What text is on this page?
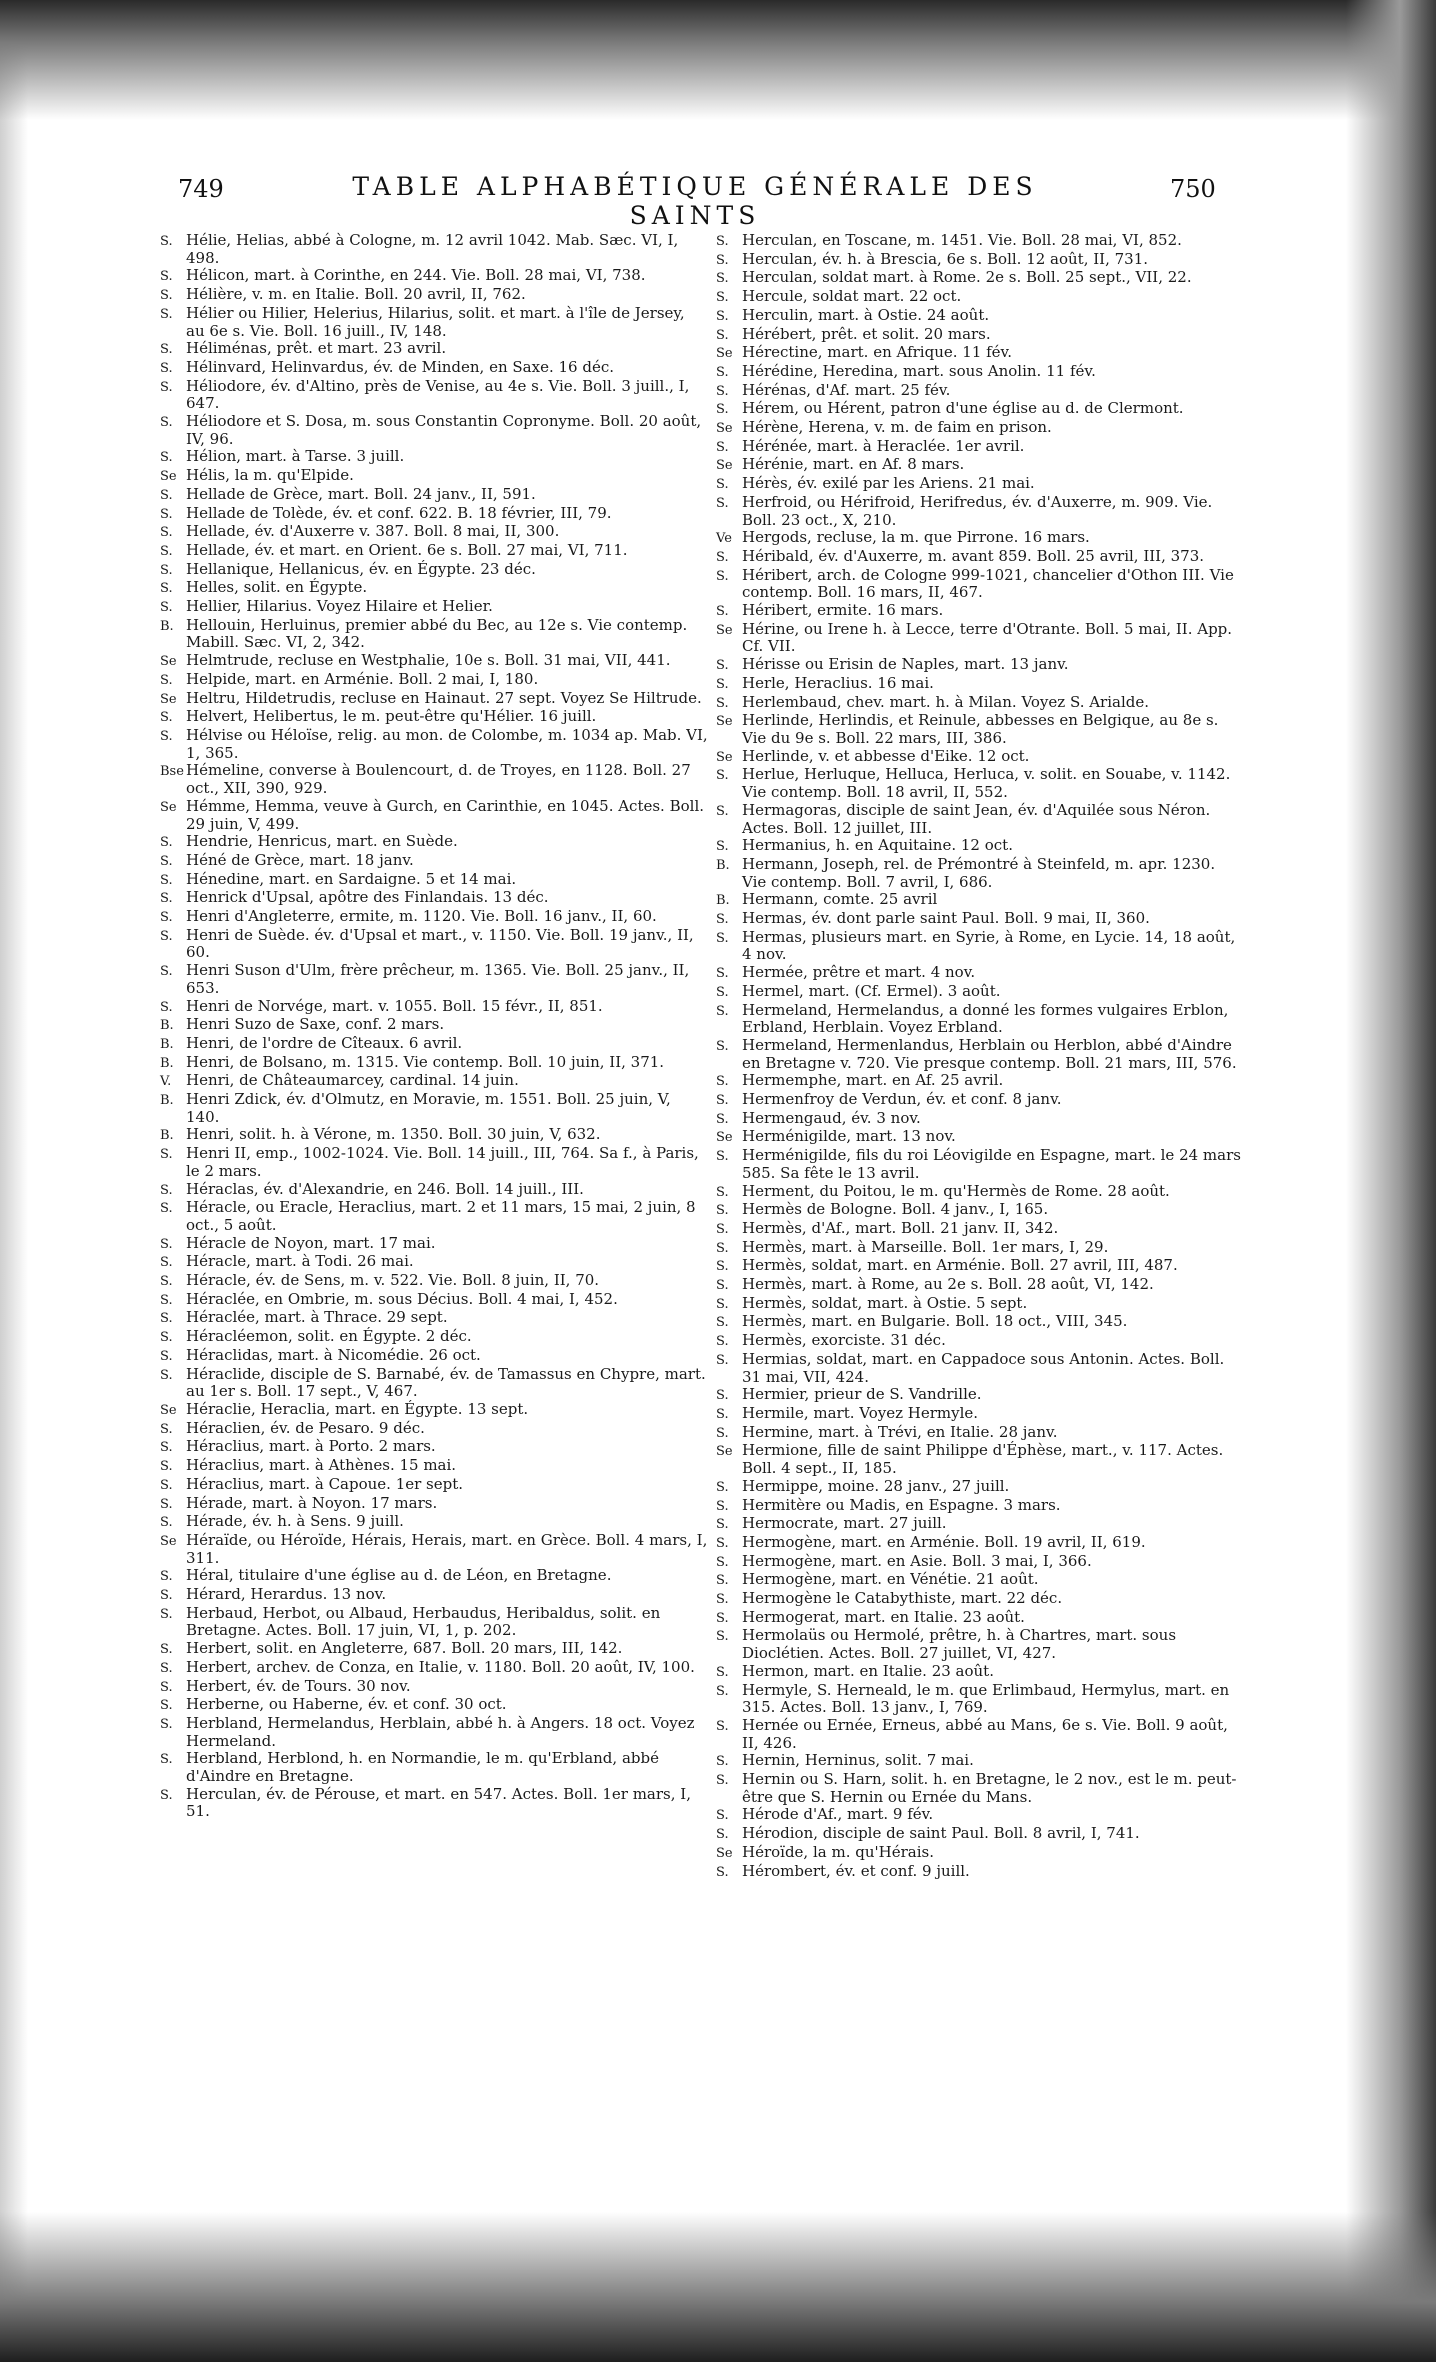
749	TABLE ALPHABÉTIQUE GÉNÉRALE DES SAINTS
750
S. Hélie, Helias, abbé à Cologne, m. 12 avril 1042. Mab. Sæc. VI, I, 498.
S. Hélicon, mart. à Corinthe, en 244. Vie. Boll. 28 mai, VI, 738.
S. Hélière, v. m. en Italie. Boll. 20 avril, II, 762.
S. Hélier ou Hilier, Helerius, Hilarius, solit. et mart. à l'île de Jersey, au 6e s. Vie. Boll. 16 juill., IV, 148.
S. Héliménas, prêt. et mart. 23 avril.
S. Hélinvard, Helinvardus, év. de Minden, en Saxe. 16 déc.
S. Héliodore, év. d'Altino, près de Venise, au 4e s. Vie. Boll. 3 juill., I, 647.
S. Héliodore et S. Dosa, m. sous Constantin Copronyme. Boll. 20 août, IV, 96.
S. Hélion, mart. à Tarse. 3 juill.
Se Hélis, la m. qu'Elpide.
S. Hellade de Grèce, mart. Boll. 24 janv., II, 591.
S. Hellade de Tolède, év. et conf. 622. B. 18 février, III, 79.
S. Hellade, év. d'Auxerre v. 387. Boll. 8 mai, II, 300.
S. Hellade, év. et mart. en Orient. 6e s. Boll. 27 mai, VI, 711.
S. Hellanique, Hellanicus, év. en Égypte. 23 déc.
S. Helles, solit. en Égypte.
S. Hellier, Hilarius. Voyez Hilaire et Helier.
B. Hellouin, Herluinus, premier abbé du Bec, au 12e s. Vie contemp. Mabill. Sæc. VI, 2, 342.
Se Helmtrude, recluse en Westphalie, 10e s. Boll. 31 mai, VII, 441.
S. Helpide, mart. en Arménie. Boll. 2 mai, I, 180.
Se Heltru, Hildetrudis, recluse en Hainaut. 27 sept. Voyez Se Hiltrude.
S. Helvert, Helibertus, le m. peut-être qu'Hélier. 16 juill.
S. Hélvise ou Héloïse, relig. au mon. de Colombe, m. 1034 ap. Mab. VI, 1, 365.
Bse Hémeline, converse à Boulencourt, d. de Troyes, en 1128. Boll. 27 oct., XII, 390, 929.
Se Hémme, Hemma, veuve à Gurch, en Carinthie, en 1045. Actes. Boll. 29 juin, V, 499.
S. Hendrie, Henricus, mart. en Suède.
S. Héné de Grèce, mart. 18 janv.
S. Hénedine, mart. en Sardaigne. 5 et 14 mai.
S. Henrick d'Upsal, apôtre des Finlandais. 13 déc.
S. Henri d'Angleterre, ermite, m. 1120. Vie. Boll. 16 janv., II, 60.
S. Henri de Suède. év. d'Upsal et mart., v. 1150. Vie. Boll. 19 janv., II, 60.
S. Henri Suson d'Ulm, frère prêcheur, m. 1365. Vie. Boll. 25 janv., II, 653.
S. Henri de Norvége, mart. v. 1055. Boll. 15 févr., II, 851.
B. Henri Suzo de Saxe, conf. 2 mars.
B. Henri, de l'ordre de Cîteaux. 6 avril.
B. Henri, de Bolsano, m. 1315. Vie contemp. Boll. 10 juin, II, 371.
V. Henri, de Châteaumarcey, cardinal. 14 juin.
B. Henri Zdick, év. d'Olmutz, en Moravie, m. 1551. Boll. 25 juin, V, 140.
B. Henri, solit. h. à Vérone, m. 1350. Boll. 30 juin, V, 632.
S. Henri II, emp., 1002-1024. Vie. Boll. 14 juill., III, 764. Sa f., à Paris, le 2 mars.
S. Héraclas, év. d'Alexandrie, en 246. Boll. 14 juill., III.
S. Héracle, ou Eracle, Heraclius, mart. 2 et 11 mars, 15 mai, 2 juin, 8 oct., 5 août.
S. Héracle de Noyon, mart. 17 mai.
S. Héracle, mart. à Todi. 26 mai.
S. Héracle, év. de Sens, m. v. 522. Vie. Boll. 8 juin, II, 70.
S. Héraclée, en Ombrie, m. sous Décius. Boll. 4 mai, I, 452.
S. Héraclée, mart. à Thrace. 29 sept.
S. Héracléemon, solit. en Égypte. 2 déc.
S. Héraclidas, mart. à Nicomédie. 26 oct.
S. Héraclide, disciple de S. Barnabé, év. de Tamassus en Chypre, mart. au 1er s. Boll. 17 sept., V, 467.
Se Héraclie, Heraclia, mart. en Égypte. 13 sept.
S. Héraclien, év. de Pesaro. 9 déc.
S. Héraclius, mart. à Porto. 2 mars.
S. Héraclius, mart. à Athènes. 15 mai.
S. Héraclius, mart. à Capoue. 1er sept.
S. Hérade, mart. à Noyon. 17 mars.
S. Hérade, év. h. à Sens. 9 juill.
Se Héraïde, ou Héroïde, Hérais, Herais, mart. en Grèce. Boll. 4 mars, I, 311.
S. Héral, titulaire d'une église au d. de Léon, en Bretagne.
S. Hérard, Herardus. 13 nov.
S. Herbaud, Herbot, ou Albaud, Herbaudus, Heribaldus, solit. en Bretagne. Actes. Boll. 17 juin, VI, 1, p. 202.
S. Herbert, solit. en Angleterre, 687. Boll. 20 mars, III, 142.
S. Herbert, archev. de Conza, en Italie, v. 1180. Boll. 20 août, IV, 100.
S. Herbert, év. de Tours. 30 nov.
S. Herberne, ou Haberne, év. et conf. 30 oct.
S. Herbland, Hermelandus, Herblain, abbé h. à Angers. 18 oct. Voyez Hermeland.
S. Herbland, Herblond, h. en Normandie, le m. qu'Erbland, abbé d'Aindre en Bretagne.
S. Herculan, év. de Pérouse, et mart. en 547. Actes. Boll. 1er mars, I, 51.
S. Herculan, en Toscane, m. 1451. Vie. Boll. 28 mai, VI, 852.
S. Herculan, év. h. à Brescia, 6e s. Boll. 12 août, II, 731.
S. Herculan, soldat mart. à Rome. 2e s. Boll. 25 sept., VII, 22.
S. Hercule, soldat mart. 22 oct.
S. Herculin, mart. à Ostie. 24 août.
S. Hérébert, prêt. et solit. 20 mars.
Se Hérectine, mart. en Afrique. 11 fév.
S. Hérédine, Heredina, mart. sous Anolin. 11 fév.
S. Hérénas, d'Af. mart. 25 fév.
S. Hérem, ou Hérent, patron d'une église au d. de Clermont.
Se Hérène, Herena, v. m. de faim en prison.
S. Hérénée, mart. à Heraclée. 1er avril.
Se Hérénie, mart. en Af. 8 mars.
S. Hérès, év. exilé par les Ariens. 21 mai.
S. Herfroid, ou Hérifroid, Herifredus, év. d'Auxerre, m. 909. Vie. Boll. 23 oct., X, 210.
Ve Hergods, recluse, la m. que Pirrone. 16 mars.
S. Héribald, év. d'Auxerre, m. avant 859. Boll. 25 avril, III, 373.
S. Héribert, arch. de Cologne 999-1021, chancelier d'Othon III. Vie contemp. Boll. 16 mars, II, 467.
S. Héribert, ermite. 16 mars.
Se Hérine, ou Irene h. à Lecce, terre d'Otrante. Boll. 5 mai, II. App. Cf. VII.
S. Hérisse ou Erisin de Naples, mart. 13 janv.
S. Herle, Heraclius. 16 mai.
S. Herlembaud, chev. mart. h. à Milan. Voyez S. Arialde.
Se Herlinde, Herlindis, et Reinule, abbesses en Belgique, au 8e s. Vie du 9e s. Boll. 22 mars, III, 386.
Se Herlinde, v. et abbesse d'Eike. 12 oct.
S. Herlue, Herluque, Helluca, Herluca, v. solit. en Souabe, v. 1142. Vie contemp. Boll. 18 avril, II, 552.
S. Hermagoras, disciple de saint Jean, év. d'Aquilée sous Néron. Actes. Boll. 12 juillet, III.
S. Hermanius, h. en Aquitaine. 12 oct.
B. Hermann, Joseph, rel. de Prémontré à Steinfeld, m. apr. 1230. Vie contemp. Boll. 7 avril, I, 686.
B. Hermann, comte. 25 avril
S. Hermas, év. dont parle saint Paul. Boll. 9 mai, II, 360.
S. Hermas, plusieurs mart. en Syrie, à Rome, en Lycie. 14, 18 août, 4 nov.
S. Hermée, prêtre et mart. 4 nov.
S. Hermel, mart. (Cf. Ermel). 3 août.
S. Hermeland, Hermelandus, a donné les formes vulgaires Erblon, Erbland, Herblain. Voyez Erbland.
S. Hermeland, Hermenlandus, Herblain ou Herblon, abbé d'Aindre en Bretagne v. 720. Vie presque contemp. Boll. 21 mars, III, 576.
S. Hermemphe, mart. en Af. 25 avril.
S. Hermenfroy de Verdun, év. et conf. 8 janv.
S. Hermengaud, év. 3 nov.
Se Herménigilde, mart. 13 nov.
S. Herménigilde, fils du roi Léovigilde en Espagne, mart. le 24 mars 585. Sa fête le 13 avril.
S. Herment, du Poitou, le m. qu'Hermès de Rome. 28 août.
S. Hermès de Bologne. Boll. 4 janv., I, 165.
S. Hermès, d'Af., mart. Boll. 21 janv. II, 342.
S. Hermès, mart. à Marseille. Boll. 1er mars, I, 29.
S. Hermès, soldat, mart. en Arménie. Boll. 27 avril, III, 487.
S. Hermès, mart. à Rome, au 2e s. Boll. 28 août, VI, 142.
S. Hermès, soldat, mart. à Ostie. 5 sept.
S. Hermès, mart. en Bulgarie. Boll. 18 oct., VIII, 345.
S. Hermès, exorciste. 31 déc.
S. Hermias, soldat, mart. en Cappadoce sous Antonin. Actes. Boll. 31 mai, VII, 424.
S. Hermier, prieur de S. Vandrille.
S. Hermile, mart. Voyez Hermyle.
S. Hermine, mart. à Trévi, en Italie. 28 janv.
Se Hermione, fille de saint Philippe d'Éphèse, mart., v. 117. Actes. Boll. 4 sept., II, 185.
S. Hermippe, moine. 28 janv., 27 juill.
S. Hermitère ou Madis, en Espagne. 3 mars.
S. Hermocrate, mart. 27 juill.
S. Hermogène, mart. en Arménie. Boll. 19 avril, II, 619.
S. Hermogène, mart. en Asie. Boll. 3 mai, I, 366.
S. Hermogène, mart. en Vénétie. 21 août.
S. Hermogène le Catabythiste, mart. 22 déc.
S. Hermogerat, mart. en Italie. 23 août.
S. Hermolaüs ou Hermolé, prêtre, h. à Chartres, mart. sous Dioclétien. Actes. Boll. 27 juillet, VI, 427.
S. Hermon, mart. en Italie. 23 août.
S. Hermyle, S. Herneald, le m. que Erlimbaud, Hermylus, mart. en 315. Actes. Boll. 13 janv., I, 769.
S. Hernée ou Ernée, Erneus, abbé au Mans, 6e s. Vie. Boll. 9 août, II, 426.
S. Hernin, Herninus, solit. 7 mai.
S. Hernin ou S. Harn, solit. h. en Bretagne, le 2 nov., est le m. peut-être que S. Hernin ou Ernée du Mans.
S. Hérode d'Af., mart. 9 fév.
S. Hérodion, disciple de saint Paul. Boll. 8 avril, I, 741.
Se Héroïde, la m. qu'Hérais.
S. Hérombert, év. et conf. 9 juill.
